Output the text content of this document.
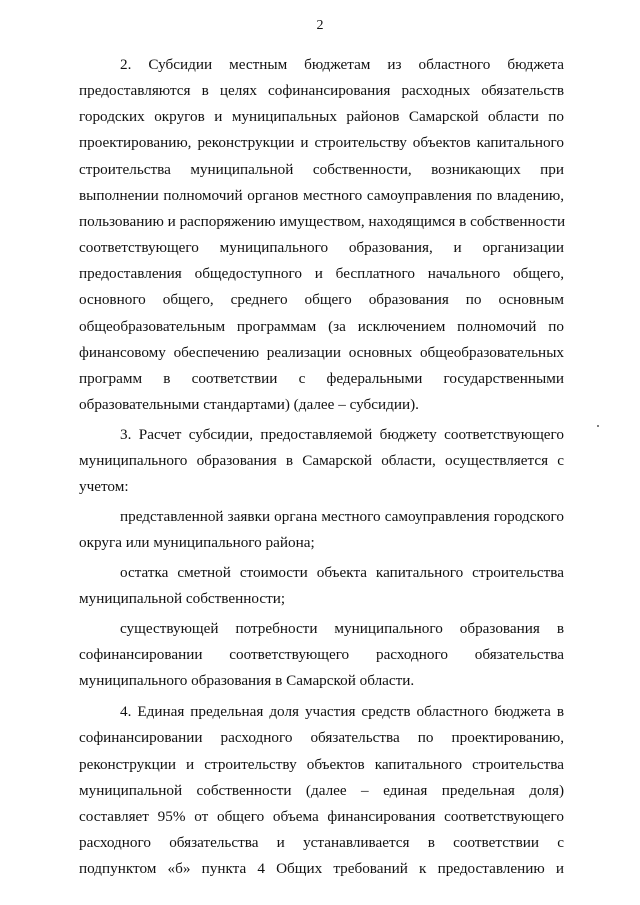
2
2. Субсидии местным бюджетам из областного бюджета
предоставляются в целях софинансирования расходных обязательств
городских округов и муниципальных районов Самарской области по
проектированию, реконструкции и строительству объектов капитального
строительства муниципальной собственности, возникающих при
выполнении полномочий органов местного самоуправления по владению,
пользованию и распоряжению имуществом, находящимся в собственности
соответствующего муниципального образования, и организации
предоставления общедоступного и бесплатного начального общего,
основного общего, среднего общего образования по основным
общеобразовательным программам (за исключением полномочий по
финансовому обеспечению реализации основных общеобразовательных
программ в соответствии с федеральными государственными
образовательными стандартами) (далее – субсидии).
3. Расчет субсидии, предоставляемой бюджету соответствующего
муниципального образования в Самарской области, осуществляется с
учетом:
представленной заявки органа местного самоуправления городского
округа или муниципального района;
остатка сметной стоимости объекта капитального строительства
муниципальной собственности;
существующей потребности муниципального образования в
софинансировании соответствующего расходного обязательства
муниципального образования в Самарской области.
4. Единая предельная доля участия средств областного бюджета в
софинансировании расходного обязательства по проектированию,
реконструкции и строительству объектов капитального строительства
муниципальной собственности (далее – единая предельная доля)
составляет 95% от общего объема финансирования соответствующего
расходного обязательства и устанавливается в соответствии с
подпунктом «б» пункта 4 Общих требований к предоставлению и
